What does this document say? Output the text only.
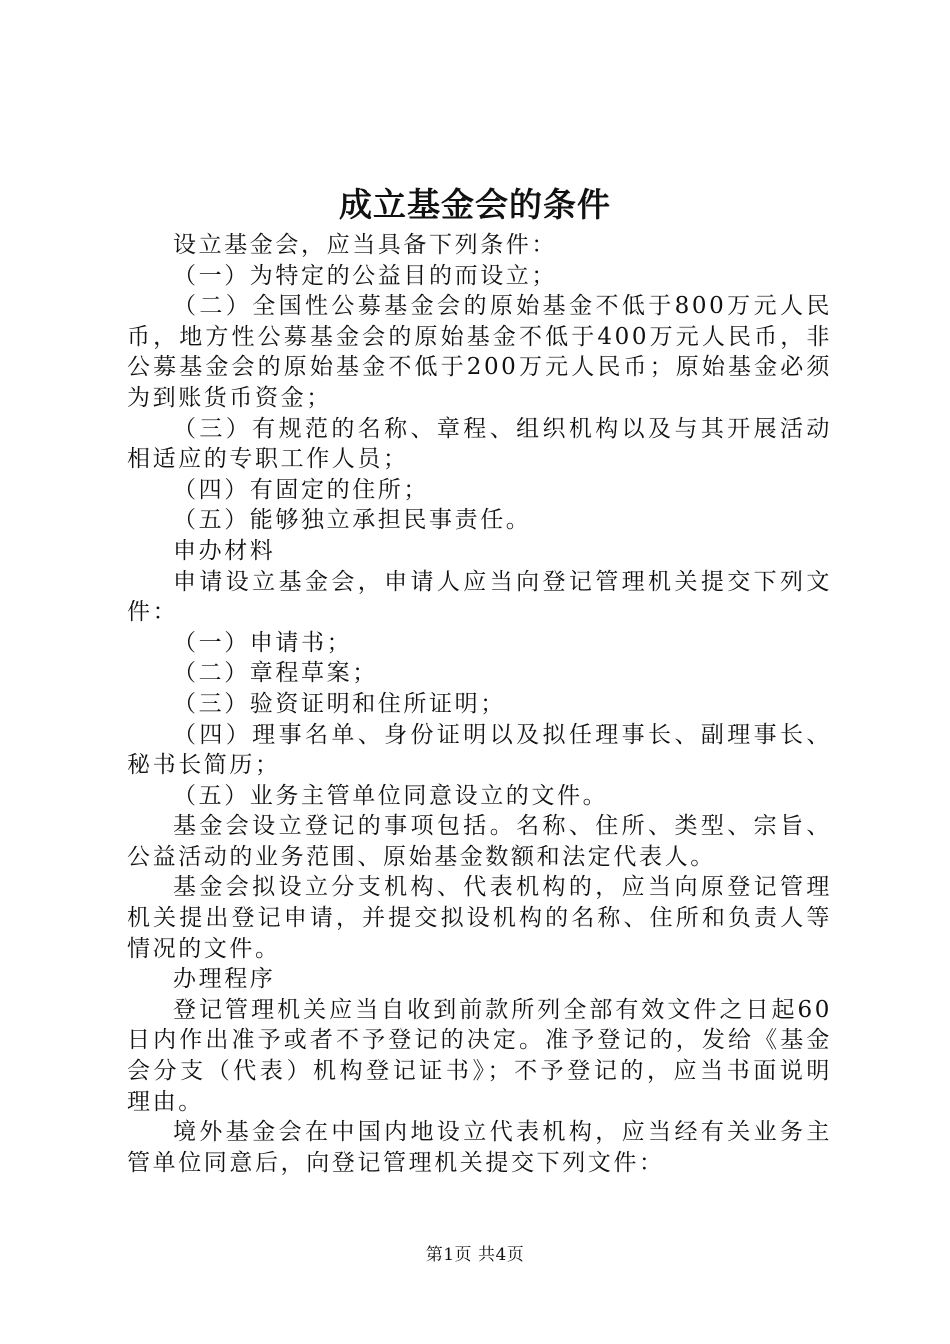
成立基金会的条件

设立基金会，应当具备下列条件：

（一）为特定的公益目的而设立；

（二）全国性公募基金会的原始基金不低于800万元人民币，地方性公募基金会的原始基金不低于400万元人民币，非公募基金会的原始基金不低于200万元人民币；原始基金必须为到账货币资金；

（三）有规范的名称、章程、组织机构以及与其开展活动相适应的专职工作人员；

（四）有固定的住所；

（五）能够独立承担民事责任。

申办材料

申请设立基金会，申请人应当向登记管理机关提交下列文件：

（一）申请书；

（二）章程草案；

（三）验资证明和住所证明；

（四）理事名单、身份证明以及拟任理事长、副理事长、秘书长简历；

（五）业务主管单位同意设立的文件。

基金会设立登记的事项包括。名称、住所、类型、宗旨、公益活动的业务范围、原始基金数额和法定代表人。

基金会拟设立分支机构、代表机构的，应当向原登记管理机关提出登记申请，并提交拟设机构的名称、住所和负责人等情况的文件。

办理程序

登记管理机关应当自收到前款所列全部有效文件之日起60日内作出准予或者不予登记的决定。准予登记的，发给《基金会分支（代表）机构登记证书》；不予登记的，应当书面说明理由。

境外基金会在中国内地设立代表机构，应当经有关业务主管单位同意后，向登记管理机关提交下列文件：

第1页 共4页
